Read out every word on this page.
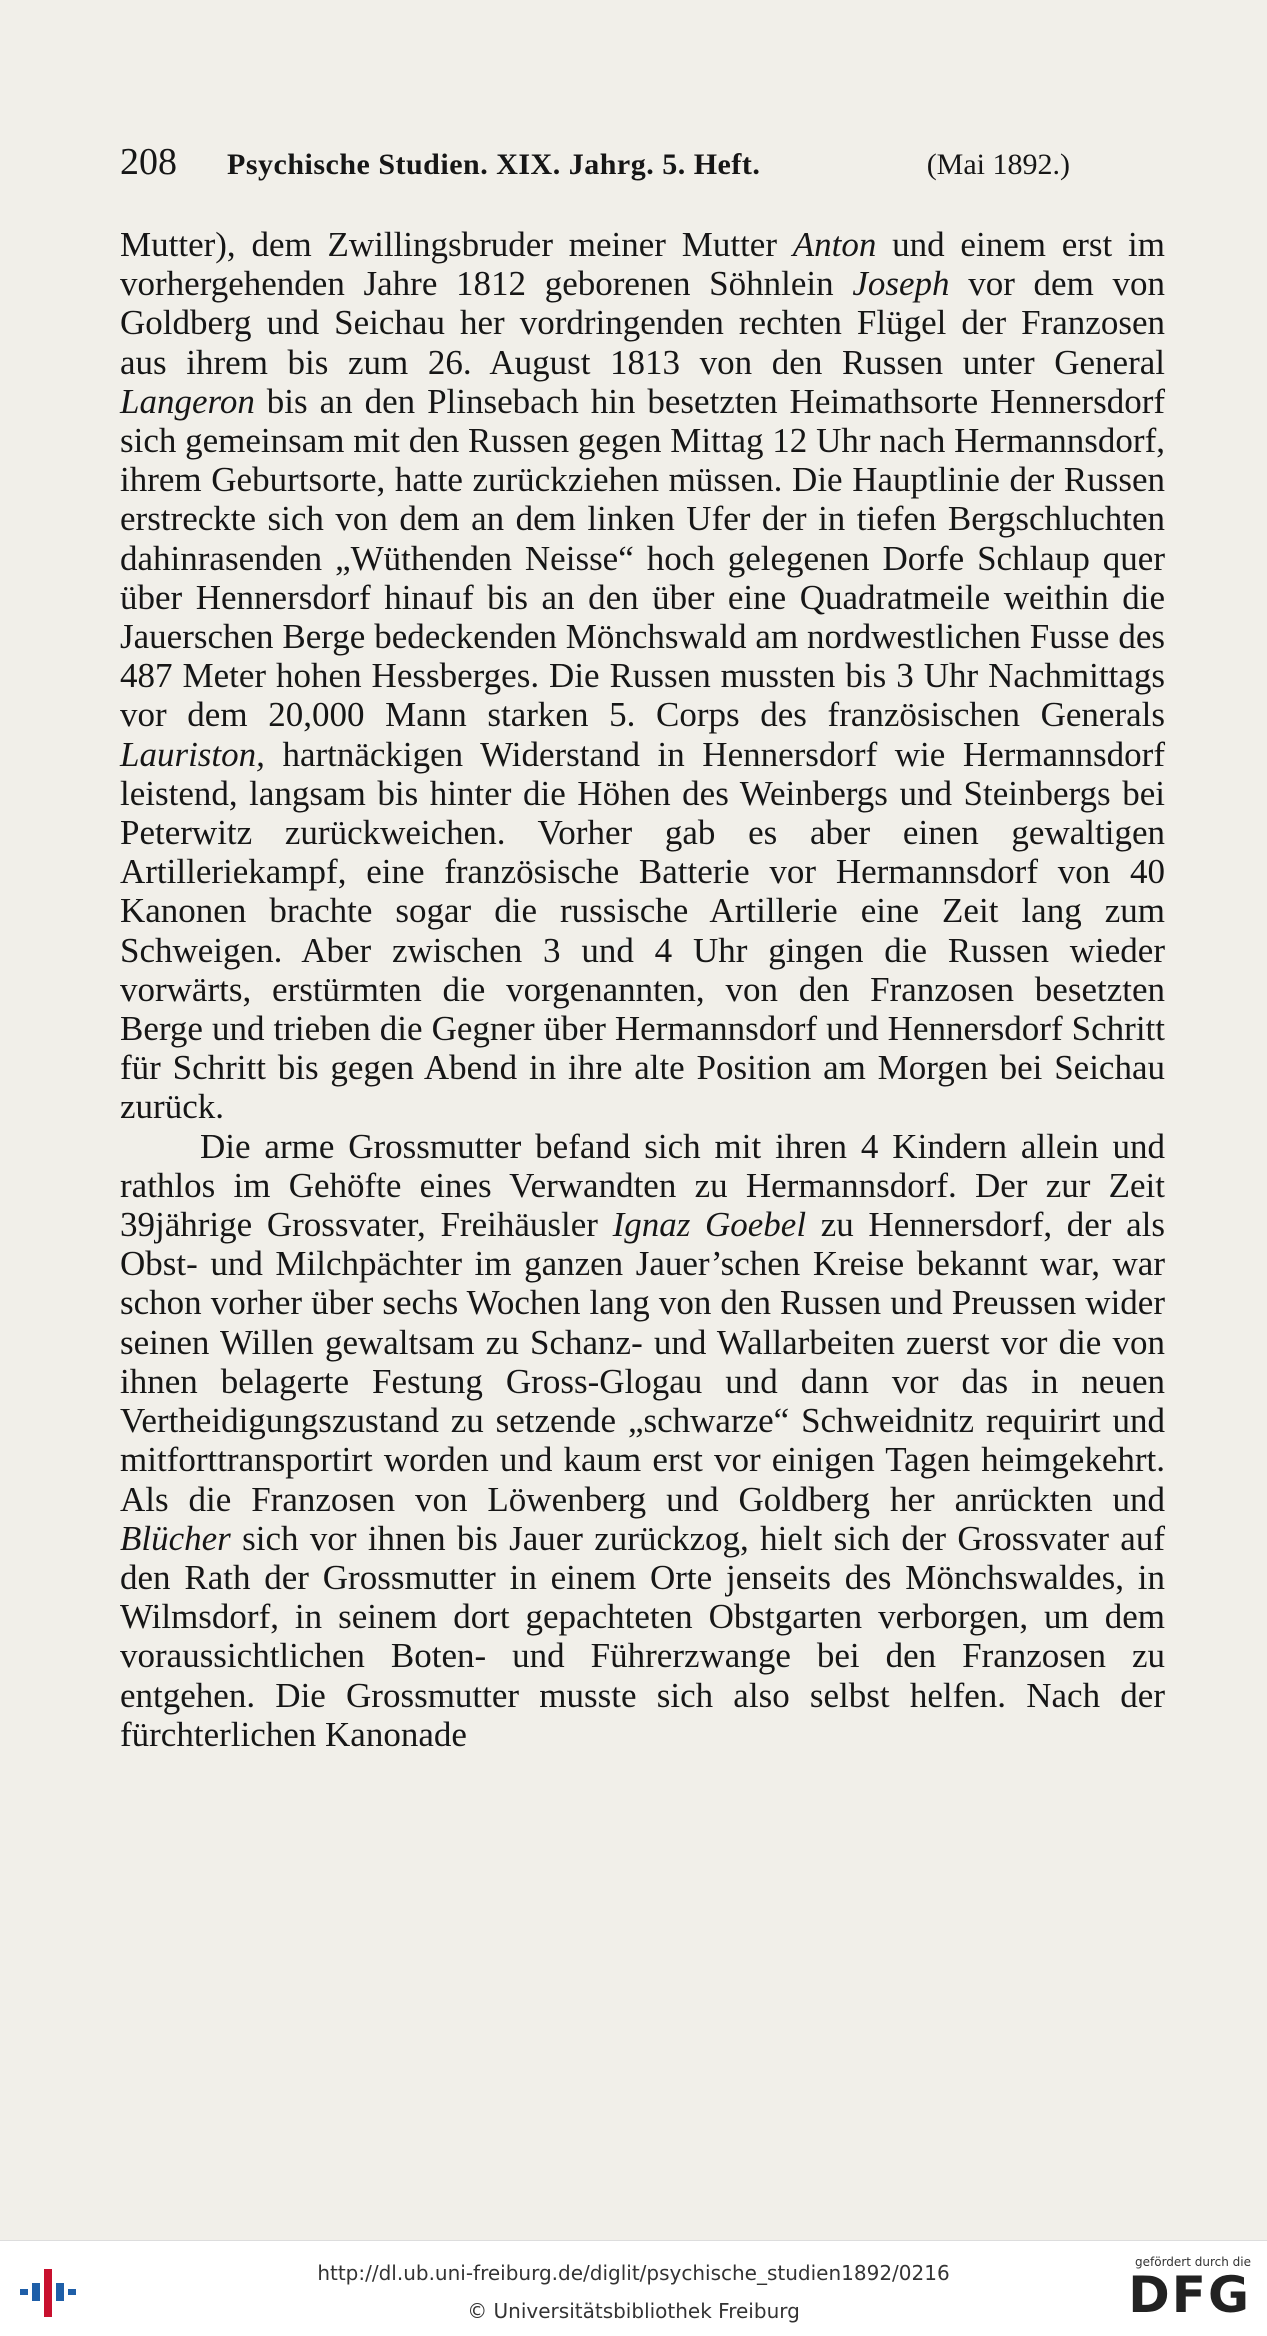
208 Psychische Studien. XIX. Jahrg. 5. Heft.	(Mai 1892.)

Mutter), dem Zwillingsbruder meiner Mutter Anton und einem erst im vorhergehenden Jahre 1812 geborenen Söhnlein Joseph vor dem von Goldberg und Seichau her vordringenden rechten Flügel der Franzosen aus ihrem bis zum 26. August 1813 von den Russen unter General Langeron bis an den Plinsebach hin besetzten Heimathsorte Hennersdorf sich gemeinsam mit den Russen gegen Mittag 12 Uhr nach Hermannsdorf, ihrem Geburtsorte, hatte zurückziehen müssen. Die Hauptlinie der Russen erstreckte sich von dem an dem linken Ufer der in tiefen Bergschluchten dahinrasenden „Wüthenden Neisse“ hoch gelegenen Dorfe Schlaup quer über Hennersdorf hinauf bis an den über eine Quadratmeile weithin die Jauerschen Berge bedeckenden Mönchswald am nordwestlichen Fusse des 487 Meter hohen Hessberges. Die Russen mussten bis 3 Uhr Nachmittags vor dem 20,000 Mann starken 5. Corps des französischen Generals Lauriston, hartnäckigen Widerstand in Hennersdorf wie Hermannsdorf leistend, langsam bis hinter die Höhen des Weinbergs und Steinbergs bei Peterwitz zurückweichen. Vorher gab es aber einen gewaltigen Artilleriekampf, eine französische Batterie vor Hermannsdorf von 40 Kanonen brachte sogar die russische Artillerie eine Zeit lang zum Schweigen. Aber zwischen 3 und 4 Uhr gingen die Russen wieder vorwärts, erstürmten die vorgenannten, von den Franzosen besetzten Berge und trieben die Gegner über Hermannsdorf und Hennersdorf Schritt für Schritt bis gegen Abend in ihre alte Position am Morgen bei Seichau zurück.

Die arme Grossmutter befand sich mit ihren 4 Kindern allein und rathlos im Gehöfte eines Verwandten zu Hermannsdorf. Der zur Zeit 39jährige Grossvater, Freihäusler Ignaz Goebel zu Hennersdorf, der als Obst- und Milchpächter im ganzen Jauer’schen Kreise bekannt war, war schon vorher über sechs Wochen lang von den Russen und Preussen wider seinen Willen gewaltsam zu Schanz- und Wallarbeiten zuerst vor die von ihnen belagerte Festung Gross-Glogau und dann vor das in neuen Vertheidigungszustand zu setzende „schwarze“ Schweidnitz requirirt und mitforttransportirt worden und kaum erst vor einigen Tagen heimgekehrt. Als die Franzosen von Löwenberg und Goldberg her anrückten und Blücher sich vor ihnen bis Jauer zurückzog, hielt sich der Grossvater auf den Rath der Grossmutter in einem Orte jenseits des Mönchswaldes, in Wilmsdorf, in seinem dort gepachteten Obstgarten verborgen, um dem voraussichtlichen Boten- und Führerzwange bei den Franzosen zu entgehen. Die Grossmutter musste sich also selbst helfen. Nach der fürchterlichen Kanonade

http://dl.ub.uni-freiburg.de/diglit/psychische_studien1892/0216
© Universitätsbibliothek Freiburg
gefördert durch die
DFG
